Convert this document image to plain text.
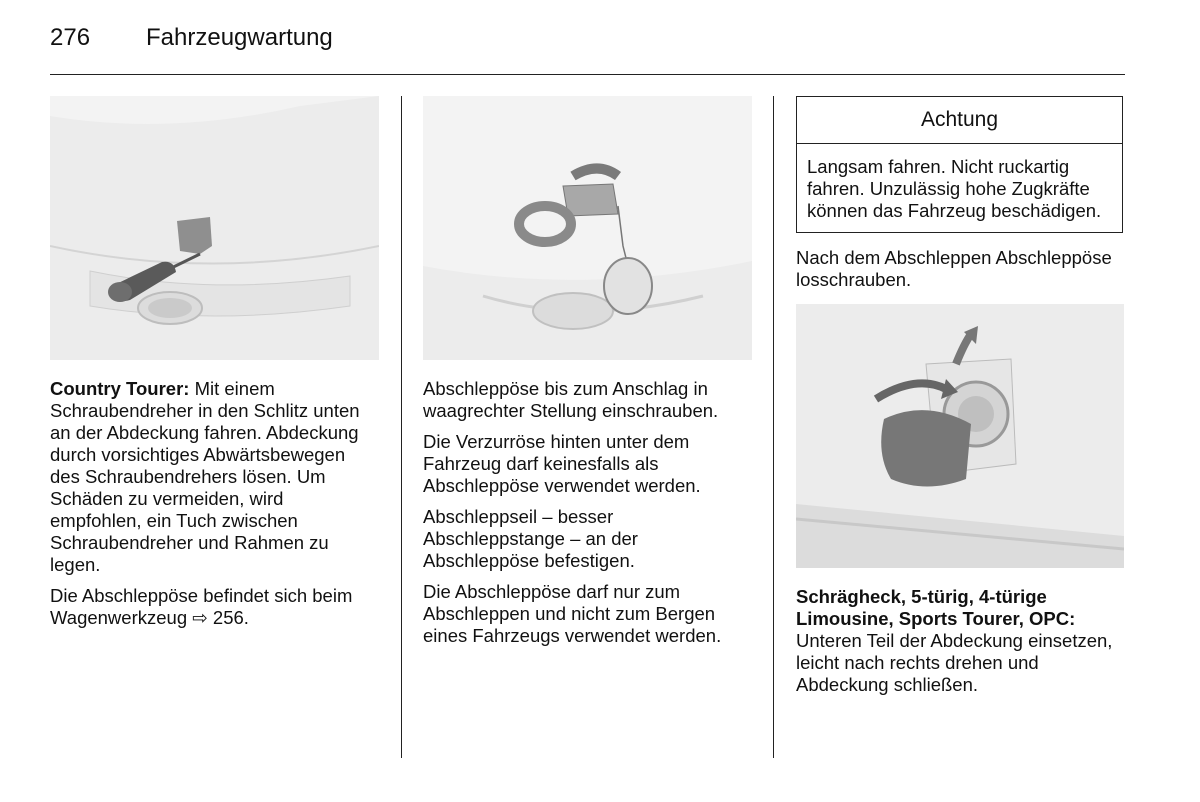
276	Fahrzeugwartung

Country Tourer: Mit einem Schraubendreher in den Schlitz unten an der Abdeckung fahren. Abdeckung durch vorsichtiges Abwärtsbewegen des Schraubendrehers lösen. Um Schäden zu vermeiden, wird empfohlen, ein Tuch zwischen Schraubendreher und Rahmen zu legen.

Die Abschleppöse befindet sich beim Wagenwerkzeug ⇨ 256.

Abschleppöse bis zum Anschlag in waagrechter Stellung einschrauben.

Die Verzurröse hinten unter dem Fahrzeug darf keinesfalls als Abschleppöse verwendet werden.

Abschleppseil – besser Abschleppstange – an der Abschleppöse befestigen.

Die Abschleppöse darf nur zum Abschleppen und nicht zum Bergen eines Fahrzeugs verwendet werden.

Achtung
Langsam fahren. Nicht ruckartig fahren. Unzulässig hohe Zugkräfte können das Fahrzeug beschädigen.

Nach dem Abschleppen Abschleppöse losschrauben.

Schrägheck, 5-türig, 4-türige Limousine, Sports Tourer, OPC: Unteren Teil der Abdeckung einsetzen, leicht nach rechts drehen und Abdeckung schließen.
